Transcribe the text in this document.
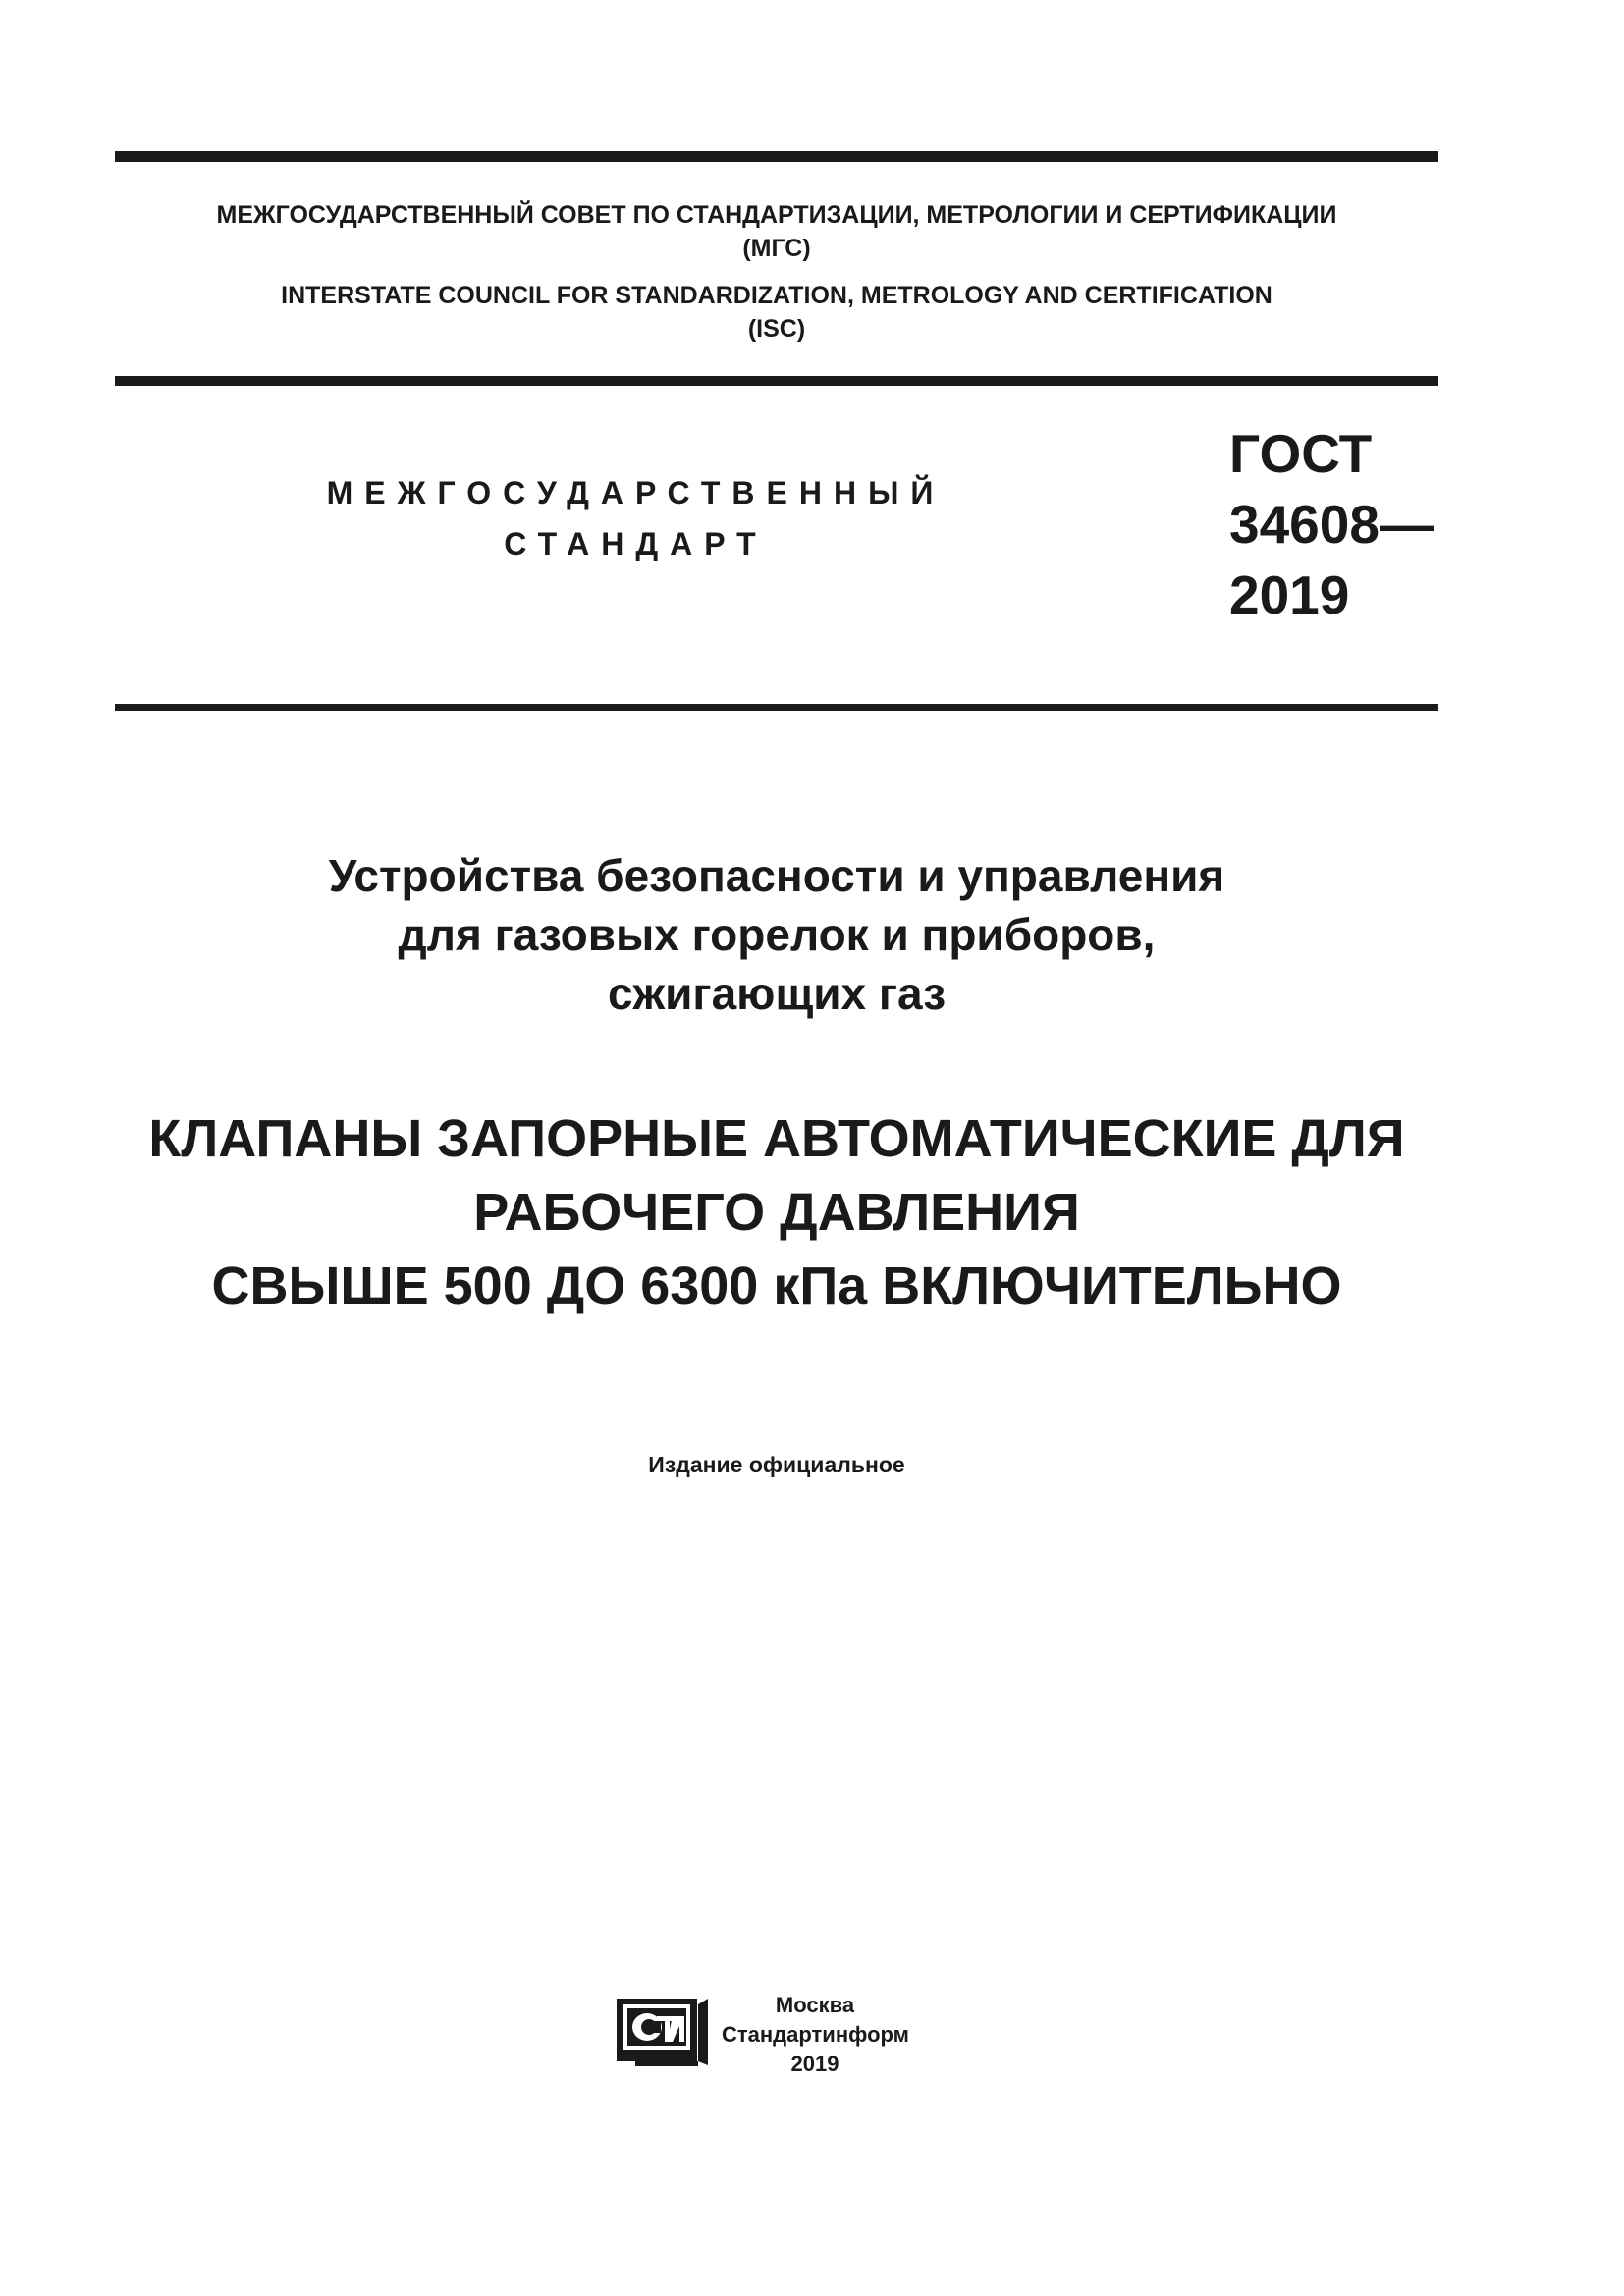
МЕЖГОСУДАРСТВЕННЫЙ СОВЕТ ПО СТАНДАРТИЗАЦИИ, МЕТРОЛОГИИ И СЕРТИФИКАЦИИ
(МГС)
INTERSTATE COUNCIL FOR STANDARDIZATION, METROLOGY AND CERTIFICATION
(ISC)
МЕЖГОСУДАРСТВЕННЫЙ
СТАНДАРТ
ГОСТ
34608—
2019
Устройства безопасности и управления
для газовых горелок и приборов,
сжигающих газ
КЛАПАНЫ ЗАПОРНЫЕ АВТОМАТИЧЕСКИЕ ДЛЯ
РАБОЧЕГО ДАВЛЕНИЯ
СВЫШЕ 500 ДО 6300 кПа ВКЛЮЧИТЕЛЬНО
Издание официальное
Москва
Стандартинформ
2019
